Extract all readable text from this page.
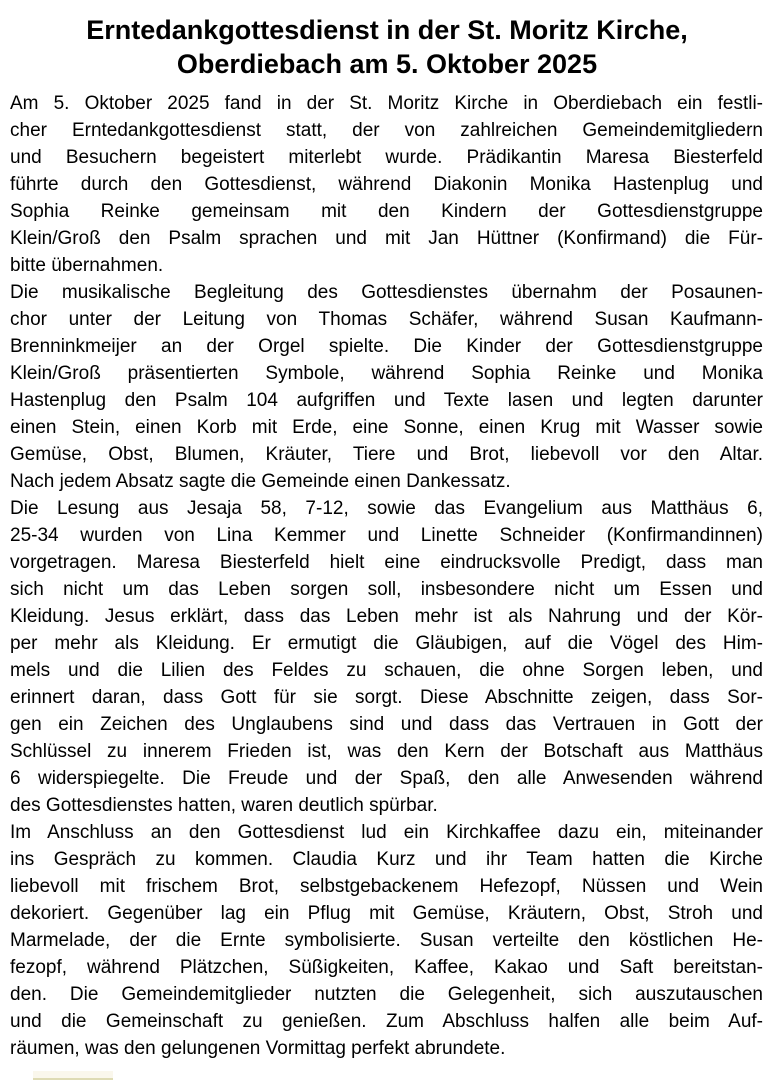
Erntedankgottesdienst in der St. Moritz Kirche,
Oberdiebach am 5. Oktober 2025
Am 5. Oktober 2025 fand in der St. Moritz Kirche in Oberdiebach ein festli-
cher Erntedankgottesdienst statt, der von zahlreichen Gemeindemitgliedern
und Besuchern begeistert miterlebt wurde. Prädikantin Maresa Biesterfeld
führte durch den Gottesdienst, während Diakonin Monika Hastenplug und
Sophia Reinke gemeinsam mit den Kindern der Gottesdienstgruppe
Klein/Groß den Psalm sprachen und mit Jan Hüttner (Konfirmand) die Für-
bitte übernahmen.
Die musikalische Begleitung des Gottesdienstes übernahm der Posaunen-
chor unter der Leitung von Thomas Schäfer, während Susan Kaufmann-
Brenninkmeijer an der Orgel spielte. Die Kinder der Gottesdienstgruppe
Klein/Groß präsentierten Symbole, während Sophia Reinke und Monika
Hastenplug den Psalm 104 aufgriffen und Texte lasen und legten darunter
einen Stein, einen Korb mit Erde, eine Sonne, einen Krug mit Wasser sowie
Gemüse, Obst, Blumen, Kräuter, Tiere und Brot, liebevoll vor den Altar.
Nach jedem Absatz sagte die Gemeinde einen Dankessatz.
Die Lesung aus Jesaja 58, 7-12, sowie das Evangelium aus Matthäus 6,
25-34 wurden von Lina Kemmer und Linette Schneider (Konfirmandinnen)
vorgetragen. Maresa Biesterfeld hielt eine eindrucksvolle Predigt, dass man
sich nicht um das Leben sorgen soll, insbesondere nicht um Essen und
Kleidung. Jesus erklärt, dass das Leben mehr ist als Nahrung und der Kör-
per mehr als Kleidung. Er ermutigt die Gläubigen, auf die Vögel des Him-
mels und die Lilien des Feldes zu schauen, die ohne Sorgen leben, und
erinnert daran, dass Gott für sie sorgt. Diese Abschnitte zeigen, dass Sor-
gen ein Zeichen des Unglaubens sind und dass das Vertrauen in Gott der
Schlüssel zu innerem Frieden ist, was den Kern der Botschaft aus Matthäus
6 widerspiegelte. Die Freude und der Spaß, den alle Anwesenden während
des Gottesdienstes hatten, waren deutlich spürbar.
Im Anschluss an den Gottesdienst lud ein Kirchkaffee dazu ein, miteinander
ins Gespräch zu kommen. Claudia Kurz und ihr Team hatten die Kirche
liebevoll mit frischem Brot, selbstgebackenem Hefezopf, Nüssen und Wein
dekoriert. Gegenüber lag ein Pflug mit Gemüse, Kräutern, Obst, Stroh und
Marmelade, der die Ernte symbolisierte. Susan verteilte den köstlichen He-
fezopf, während Plätzchen, Süßigkeiten, Kaffee, Kakao und Saft bereitstan-
den. Die Gemeindemitglieder nutzten die Gelegenheit, sich auszutauschen
und die Gemeinschaft zu genießen. Zum Abschluss halfen alle beim Auf-
räumen, was den gelungenen Vormittag perfekt abrundete.
